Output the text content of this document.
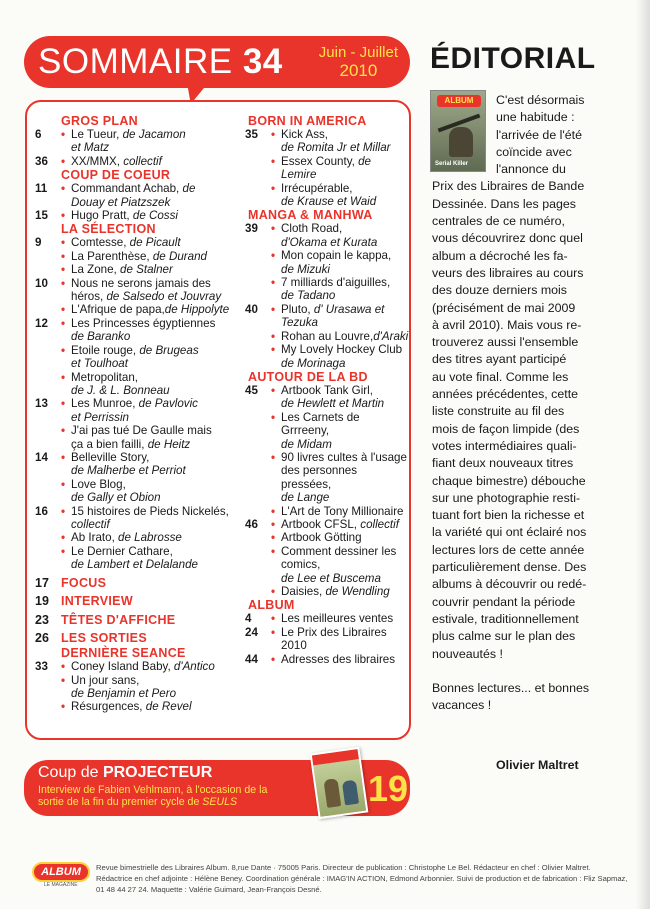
SOMMAIRE 34 Juin - Juillet
2010
GROS PLAN
6	• Le Tueur, de Jacamon
et Matz
36	• XX/MMX, collectif
COUP DE COEUR
11	• Commandant Achab, de
Douay et Piatzszek
15	• Hugo Pratt, de Cossi
LA SÉLECTION
9	• Comtesse, de Picault
• La Parenthèse, de Durand
• La Zone, de Stalner
10	• Nous ne serons jamais des
héros, de Salsedo et Jouvray
• L'Afrique de papa,de Hippolyte
12	• Les Princesses égyptiennes
de Baranko
• Etoile rouge, de Brugeas
et Toulhoat
• Metropolitan,
de J. & L. Bonneau
13	• Les Munroe, de Pavlovic
et Perrissin
• J'ai pas tué De Gaulle mais
ça a bien failli, de Heitz
14	• Belleville Story,
de Malherbe et Perriot
• Love Blog,
de Gally et Obion
16	• 15 histoires de Pieds Nickelés,
collectif
• Ab Irato, de Labrosse
• Le Dernier Cathare,
de Lambert et Delalande
17 FOCUS
19 INTERVIEW
23 TÊTES D'AFFICHE
26 LES SORTIES
DERNIÈRE SEANCE
33	• Coney Island Baby, d'Antico
• Un jour sans,
de Benjamin et Pero
• Résurgences, de Revel
BORN IN AMERICA
35	• Kick Ass,
de Romita Jr et Millar
• Essex County, de Lemire
• Irrécupérable,
de Krause et Waid
MANGA & MANHWA
39	• Cloth Road,
d'Okama et Kurata
• Mon copain le kappa,
de Mizuki
• 7 milliards d'aiguilles,
de Tadano
40	• Pluto, d' Urasawa et Tezuka
• Rohan au Louvre,d'Araki
• My Lovely Hockey Club
de Morinaga
AUTOUR DE LA BD
45	• Artbook Tank Girl,
de Hewlett et Martin
• Les Carnets de Grrreeny,
de Midam
• 90 livres cultes à l'usage
des personnes pressées,
de Lange
• L'Art de Tony Millionaire
46	• Artbook CFSL, collectif
• Artbook Götting
• Comment dessiner les comics,
de Lee et Buscema
• Daisies, de Wendling
ALBUM
4	• Les meilleures ventes
24	• Le Prix des Libraires 2010
44	• Adresses des libraires
Coup de PROJECTEUR
Interview de Fabien Vehlmann, à l'occasion de la
sortie de la fin du premier cycle de SEULS	19
ÉDITORIAL
ALBUM
Serial Killer
C'est désormais
une habitude :
l'arrivée de l'été
coïncide avec
l'annonce du
Prix des Libraires de Bande
Dessinée. Dans les pages
centrales de ce numéro,
vous découvrirez donc quel
album a décroché les fa-
veurs des libraires au cours
des douze derniers mois
(précisément de mai 2009
à avril 2010). Mais vous re-
trouverez aussi l'ensemble
des titres ayant participé
au vote final. Comme les
années précédentes, cette
liste construite au fil des
mois de façon limpide (des
votes intermédiaires quali-
fiant deux nouveaux titres
chaque bimestre) débouche
sur une photographie resti-
tuant fort bien la richesse et
la variété qui ont éclairé nos
lectures lors de cette année
particulièrement dense. Des
albums à découvrir ou redé-
couvrir pendant la période
estivale, traditionnellement
plus calme sur le plan des
nouveautés !
Bonnes lectures... et bonnes
vacances !
Olivier Maltret
ALBUM
LE MAGAZINE
Revue bimestrielle des Libraires Album. 8,rue Dante · 75005 Paris. Directeur de publication : Christophe Le Bel. Rédacteur en chef : Olivier Maltret.
Rédactrice en chef adjointe : Hélène Beney. Coordination générale : IMAG'IN ACTION, Edmond Arbonnier. Suivi de production et de fabrication : Fliz Sapmaz,
01 48 44 27 24. Maquette : Valérie Guimard, Jean-François Desné.
